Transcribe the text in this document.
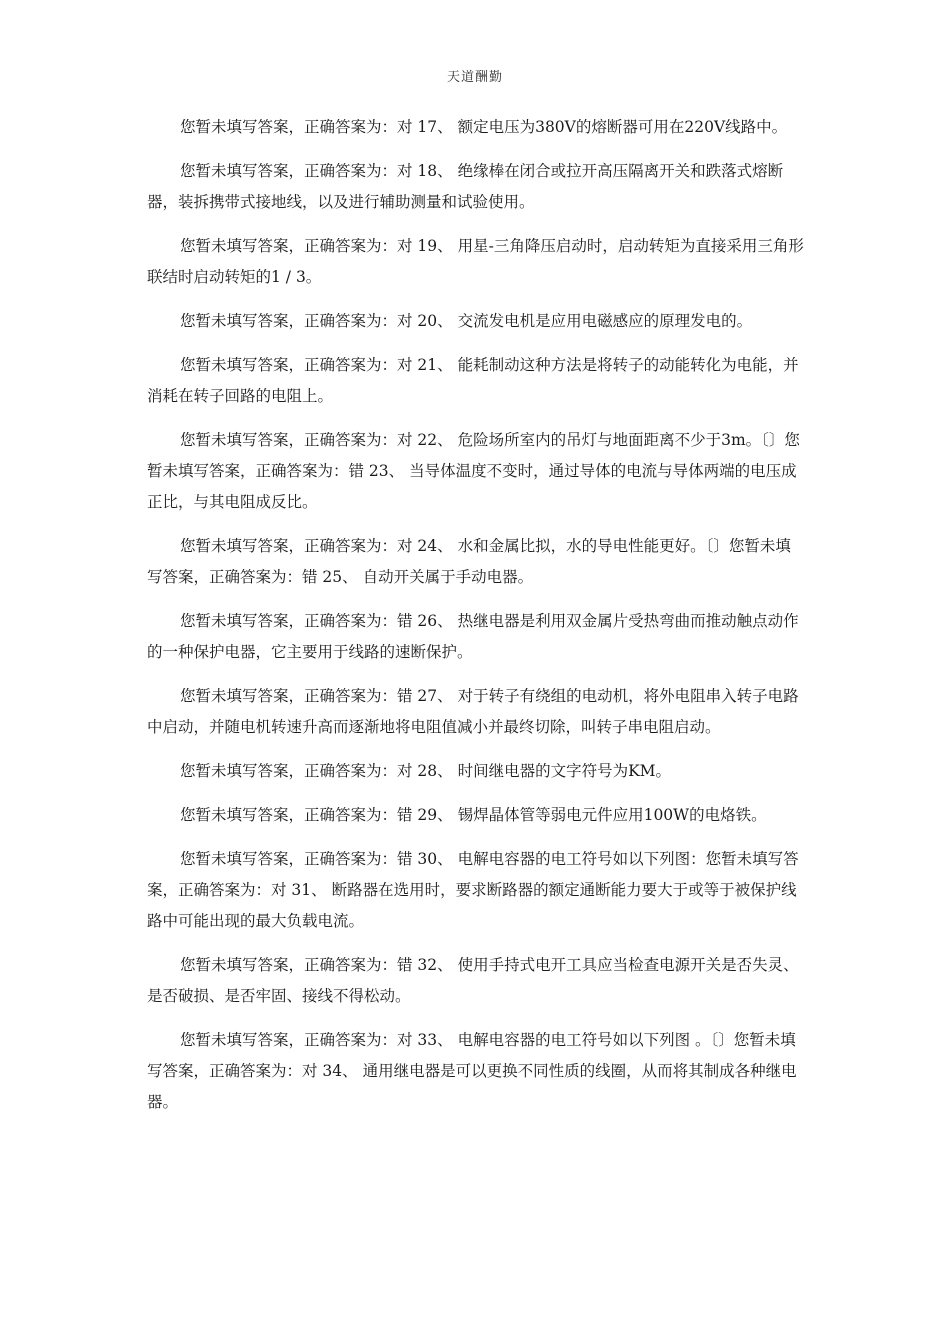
天道酬勤

您暂未填写答案，正确答案为：对 17、 额定电压为380V的熔断器可用在220V线路中。

您暂未填写答案，正确答案为：对 18、 绝缘棒在闭合或拉开高压隔离开关和跌落式熔断器，装拆携带式接地线，以及进行辅助测量和试验使用。

您暂未填写答案，正确答案为：对 19、 用星-三角降压启动时，启动转矩为直接采用三角形联结时启动转矩的1 / 3。

您暂未填写答案，正确答案为：对 20、 交流发电机是应用电磁感应的原理发电的。

您暂未填写答案，正确答案为：对 21、 能耗制动这种方法是将转子的动能转化为电能，并消耗在转子回路的电阻上。

您暂未填写答案，正确答案为：对 22、 危险场所室内的吊灯与地面距离不少于3m。〔〕您暂未填写答案，正确答案为：错 23、 当导体温度不变时，通过导体的电流与导体两端的电压成正比，与其电阻成反比。

您暂未填写答案，正确答案为：对 24、 水和金属比拟，水的导电性能更好。〔〕您暂未填写答案，正确答案为：错 25、 自动开关属于手动电器。

您暂未填写答案，正确答案为：错 26、 热继电器是利用双金属片受热弯曲而推动触点动作的一种保护电器，它主要用于线路的速断保护。

您暂未填写答案，正确答案为：错 27、 对于转子有绕组的电动机，将外电阻串入转子电路中启动，并随电机转速升高而逐渐地将电阻值减小并最终切除，叫转子串电阻启动。

您暂未填写答案，正确答案为：对 28、 时间继电器的文字符号为KM。

您暂未填写答案，正确答案为：错 29、 锡焊晶体管等弱电元件应用100W的电烙铁。

您暂未填写答案，正确答案为：错 30、 电解电容器的电工符号如以下列图：您暂未填写答案，正确答案为：对 31、 断路器在选用时，要求断路器的额定通断能力要大于或等于被保护线路中可能出现的最大负载电流。

您暂未填写答案，正确答案为：错 32、 使用手持式电开工具应当检查电源开关是否失灵、是否破损、是否牢固、接线不得松动。

您暂未填写答案，正确答案为：对 33、 电解电容器的电工符号如以下列图 。〔〕您暂未填写答案，正确答案为：对 34、 通用继电器是可以更换不同性质的线圈，从而将其制成各种继电器。
